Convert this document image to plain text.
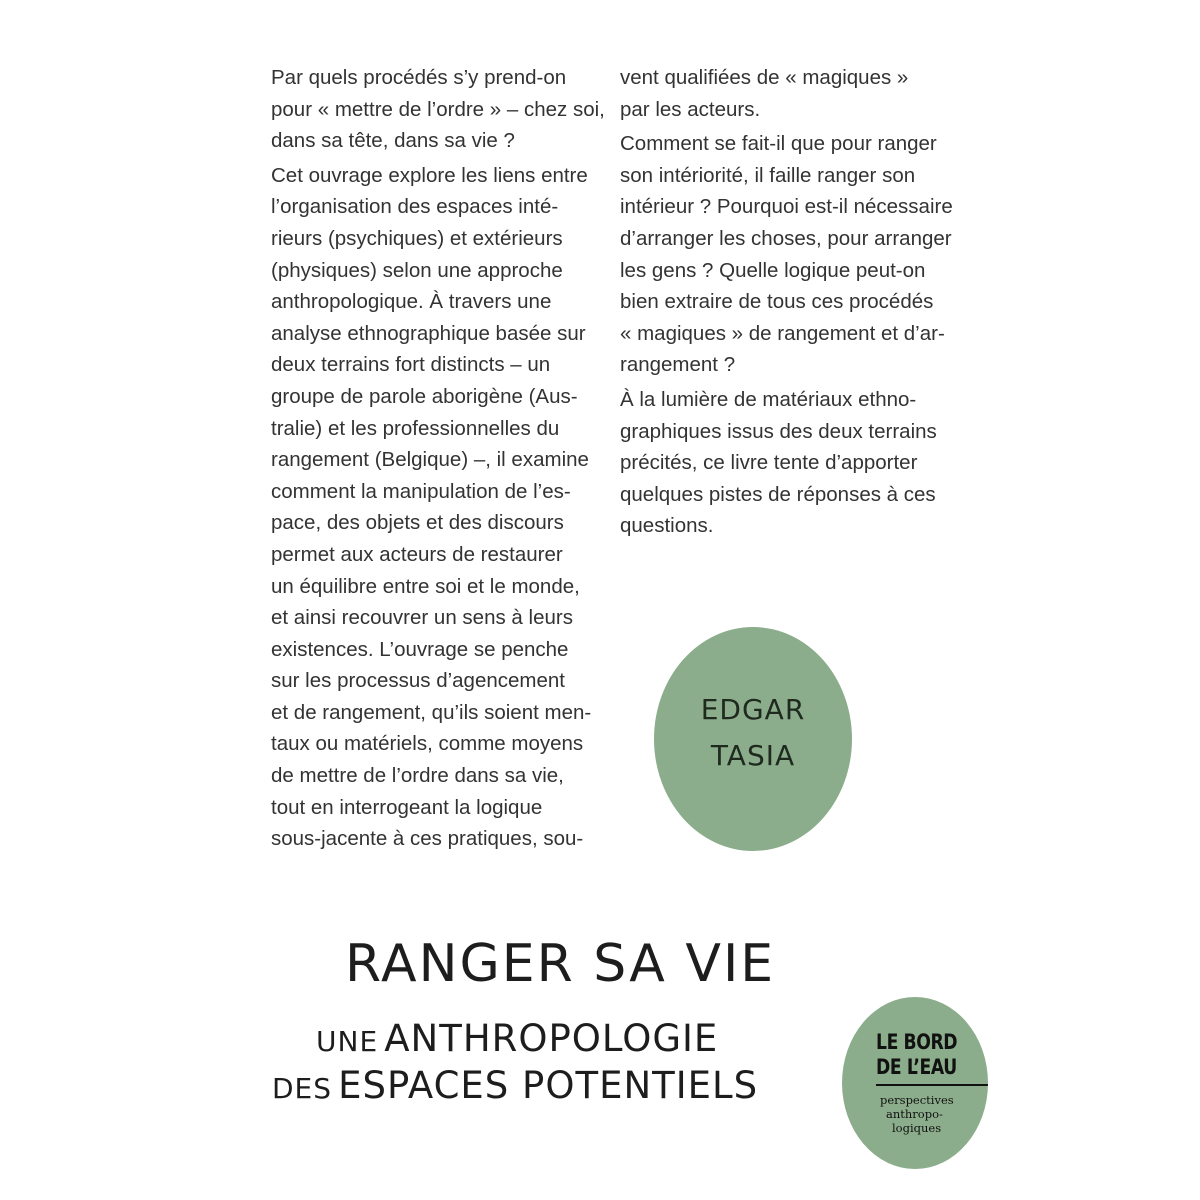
Par quels procédés s’y prend-on
pour « mettre de l’ordre » – chez soi,
dans sa tête, dans sa vie ?
Cet ouvrage explore les liens entre
l’organisation des espaces inté-
rieurs (psychiques) et extérieurs
(physiques) selon une approche
anthropologique. À travers une
analyse ethnographique basée sur
deux terrains fort distincts – un
groupe de parole aborigène (Aus-
tralie) et les professionnelles du
rangement (Belgique) –, il examine
comment la manipulation de l’es-
pace, des objets et des discours
permet aux acteurs de restaurer
un équilibre entre soi et le monde,
et ainsi recouvrer un sens à leurs
existences. L’ouvrage se penche
sur les processus d’agencement
et de rangement, qu’ils soient men-
taux ou matériels, comme moyens
de mettre de l’ordre dans sa vie,
tout en interrogeant la logique
sous-jacente à ces pratiques, sou-
vent qualifiées de « magiques »
par les acteurs.
Comment se fait-il que pour ranger
son intériorité, il faille ranger son
intérieur ? Pourquoi est-il nécessaire
d’arranger les choses, pour arranger
les gens ? Quelle logique peut-on
bien extraire de tous ces procédés
« magiques » de rangement et d’ar-
rangement ?
À la lumière de matériaux ethno-
graphiques issus des deux terrains
précités, ce livre tente d’apporter
quelques pistes de réponses à ces
questions.
EDGAR
TASIA
RANGER SA VIE
UNE ANTHROPOLOGIE
DES ESPACES POTENTIELS
LE BORD
DE L’EAU
perspectives
anthropo-
logiques
